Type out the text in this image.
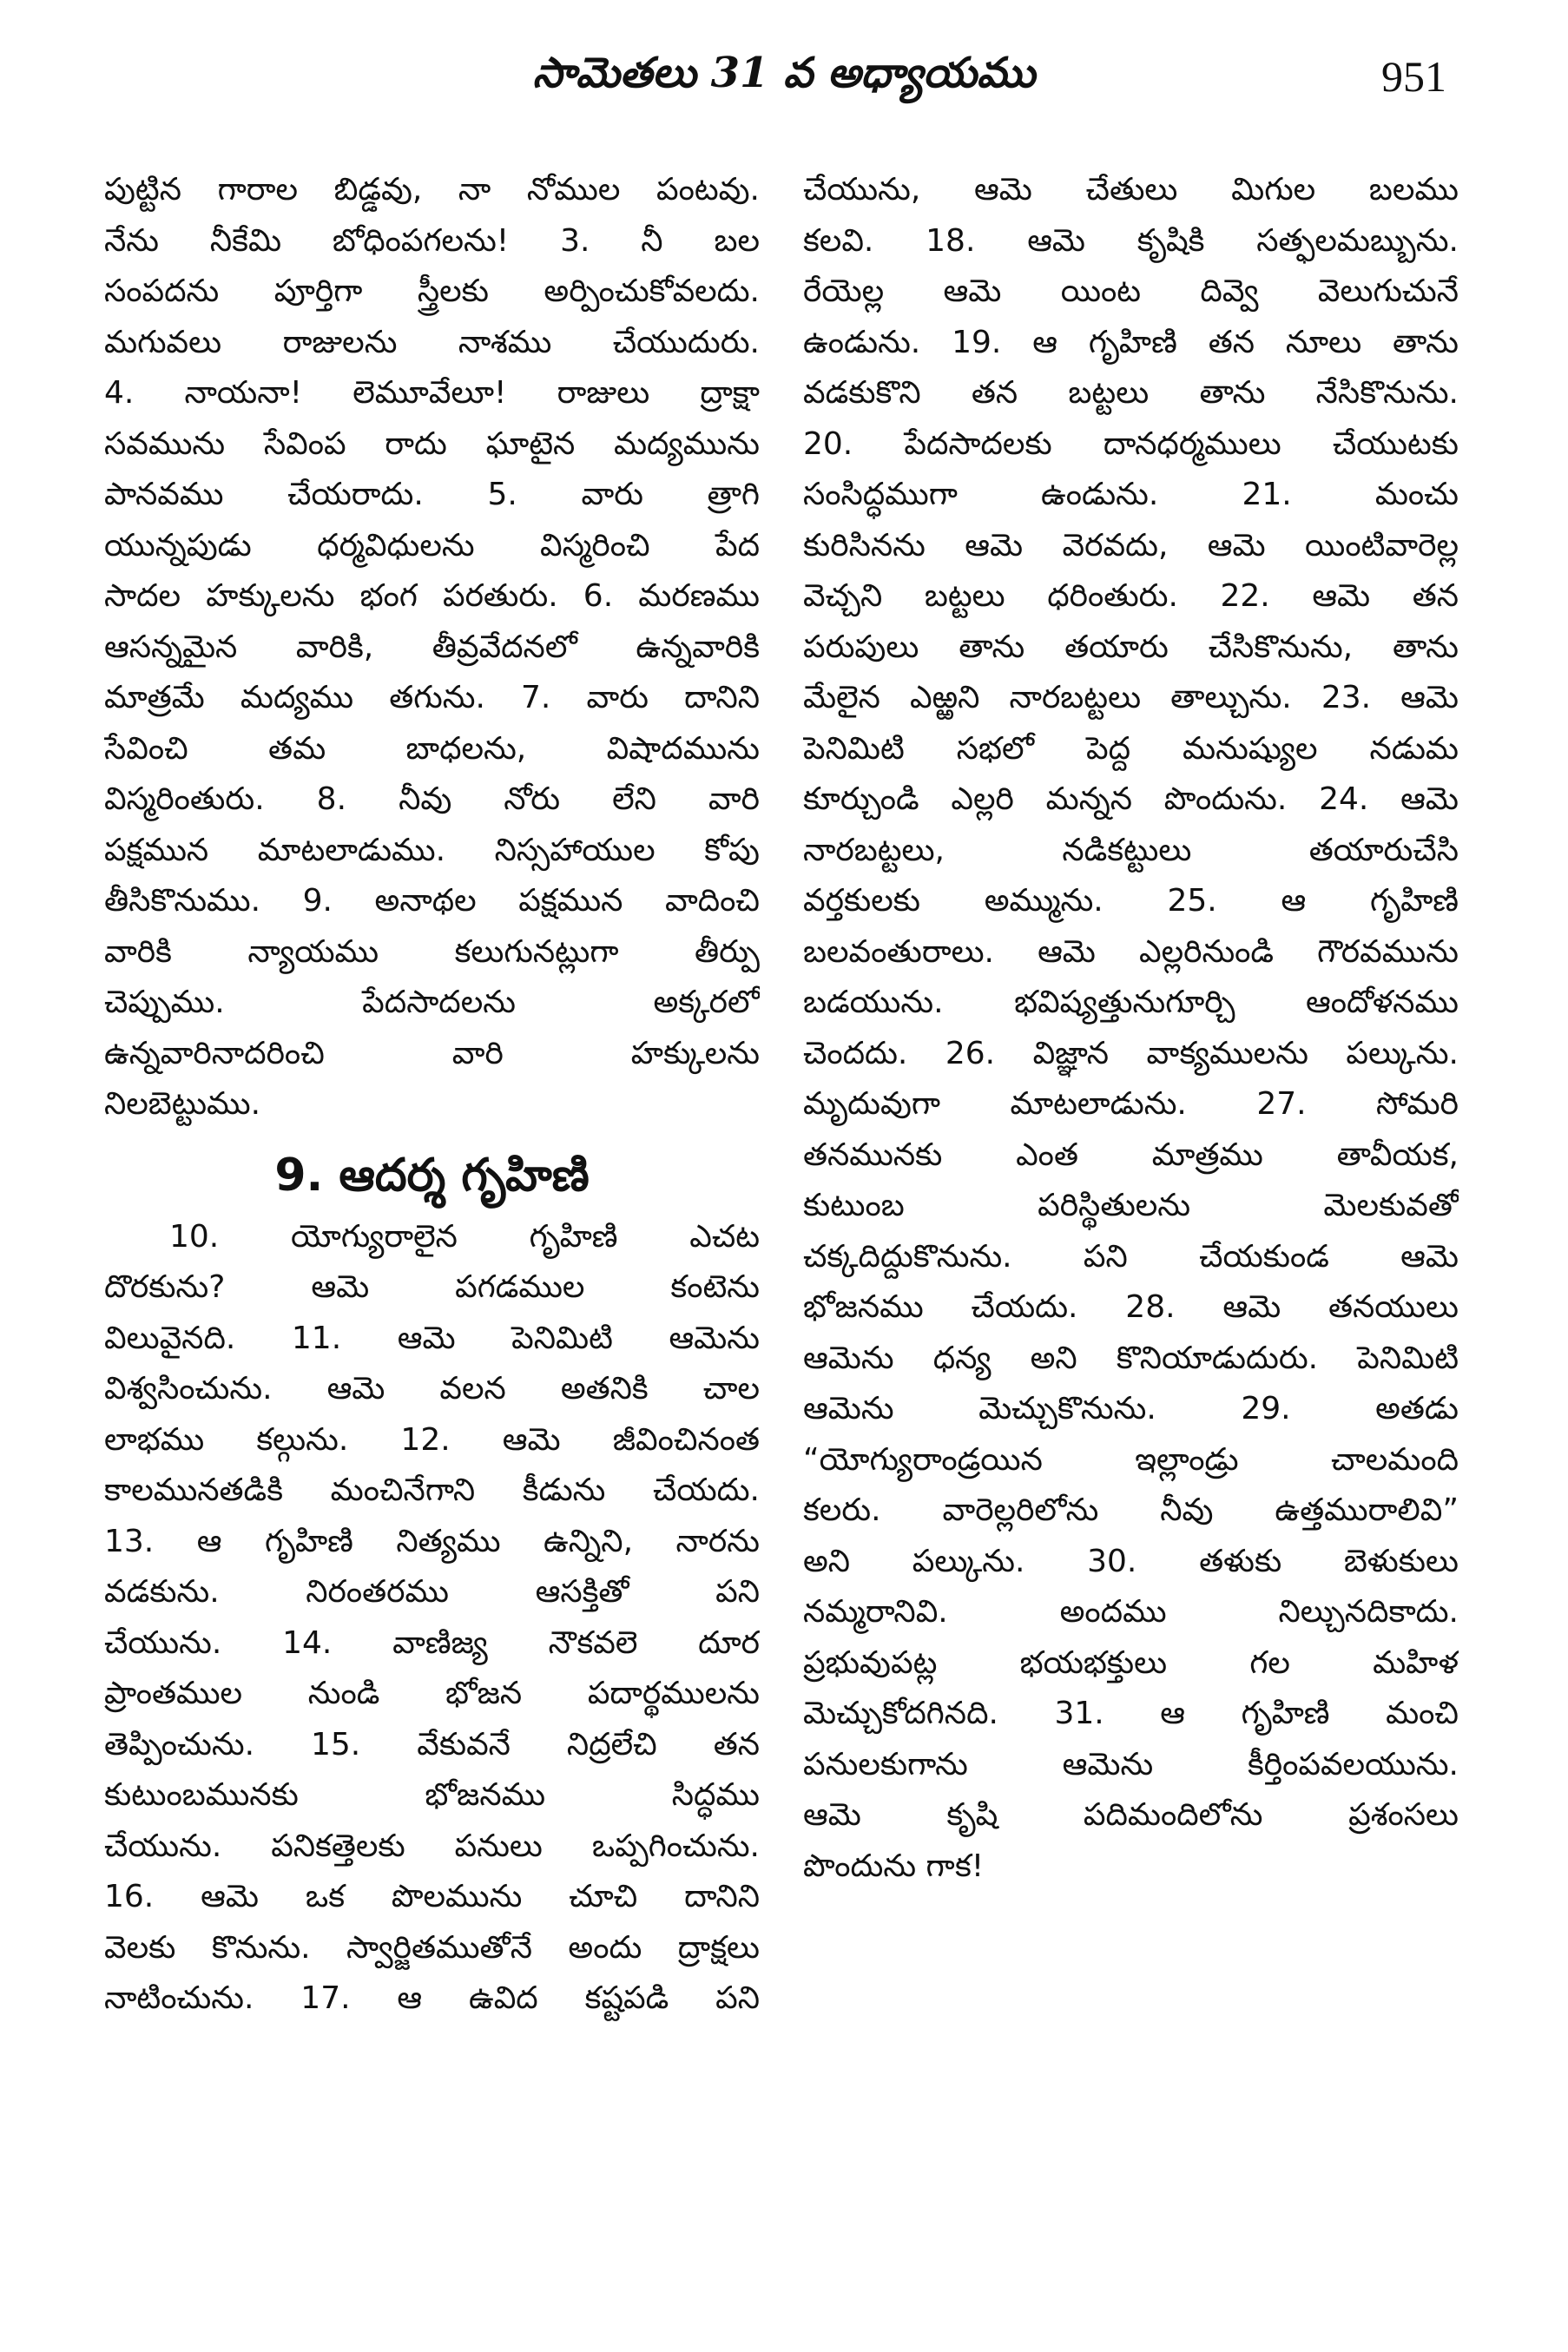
సామెతలు 31 వ అధ్యాయము	951
పుట్టిన గారాల బిడ్డవు, నా నోముల పంటవు.
నేను నీకేమి బోధింపగలను! 3. నీ బల
సంపదను పూర్తిగా స్త్రీలకు అర్పించుకోవలదు.
మగువలు రాజులను నాశము చేయుదురు.
4. నాయనా! లెమూవేలూ! రాజులు ద్రాక్షా
సవమును సేవింప రాదు ఘాటైన మద్యమును
పానవము చేయరాదు. 5. వారు త్రాగి
యున్నపుడు ధర్మవిధులను విస్మరించి పేద
సాదల హక్కులను భంగ పరతురు. 6. మరణము
ఆసన్నమైన వారికి, తీవ్రవేదనలో ఉన్నవారికి
మాత్రమే మద్యము తగును. 7. వారు దానిని
సేవించి తమ బాధలను, విషాదమును
విస్మరింతురు. 8. నీవు నోరు లేని వారి
పక్షమున మాటలాడుము. నిస్సహాయుల కోపు
తీసికొనుము. 9. అనాథల పక్షమున వాదించి
వారికి న్యాయము కలుగునట్లుగా తీర్పు
చెప్పుము. పేదసాదలను అక్కరలో
ఉన్నవారినాదరించి వారి హక్కులను
నిలబెట్టుము.
9. ఆదర్శ గృహిణి
10. యోగ్యురాలైన గృహిణి ఎచట
దొరకును? ఆమె పగడముల కంటెను
విలువైనది. 11. ఆమె పెనిమిటి ఆమెను
విశ్వసించును. ఆమె వలన అతనికి చాల
లాభము కల్గును. 12. ఆమె జీవించినంత
కాలమునతడికి మంచినేగాని కీడును చేయదు.
13. ఆ గృహిణి నిత్యము ఉన్నిని, నారను
వడకును. నిరంతరము ఆసక్తితో పని
చేయును. 14. వాణిజ్య నౌకవలె దూర
ప్రాంతముల నుండి భోజన పదార్థములను
తెప్పించును. 15. వేకువనే నిద్రలేచి తన
కుటుంబమునకు భోజనము సిద్ధము
చేయును. పనికత్తెలకు పనులు ఒప్పగించును.
16. ఆమె ఒక పొలమును చూచి దానిని
వెలకు కొనును. స్వార్జితముతోనే అందు ద్రాక్షలు
నాటించును. 17. ఆ ఉవిద కష్టపడి పని
చేయును, ఆమె చేతులు మిగుల బలము
కలవి. 18. ఆమె కృషికి సత్ఫలమబ్బును.
రేయెల్ల ఆమె యింట దివ్వె వెలుగుచునే
ఉండును. 19. ఆ గృహిణి తన నూలు తాను
వడకుకొని తన బట్టలు తాను నేసికొనును.
20. పేదసాదలకు దానధర్మములు చేయుటకు
సంసిద్ధముగా ఉండును. 21. మంచు
కురిసినను ఆమె వెరవదు, ఆమె యింటివారెల్ల
వెచ్చని బట్టలు ధరింతురు. 22. ఆమె తన
పరుపులు తాను తయారు చేసికొనును, తాను
మేలైన ఎఱ్ఱని నారబట్టలు తాల్చును. 23. ఆమె
పెనిమిటి సభలో పెద్ద మనుష్యుల నడుమ
కూర్చుండి ఎల్లరి మన్నన పొందును. 24. ఆమె
నారబట్టలు, నడికట్టులు తయారుచేసి
వర్తకులకు అమ్మును. 25. ఆ గృహిణి
బలవంతురాలు. ఆమె ఎల్లరినుండి గౌరవమును
బడయును. భవిష్యత్తునుగూర్చి ఆందోళనము
చెందదు. 26. విజ్ఞాన వాక్యములను పల్కును.
మృదువుగా మాటలాడును. 27. సోమరి
తనమునకు ఎంత మాత్రము తావీయక,
కుటుంబ పరిస్థితులను మెలకువతో
చక్కదిద్దుకొనును. పని చేయకుండ ఆమె
భోజనము చేయదు. 28. ఆమె తనయులు
ఆమెను ధన్య అని కొనియాడుదురు. పెనిమిటి
ఆమెను మెచ్చుకొనును. 29. అతడు
“యోగ్యురాండ్రయిన ఇల్లాండ్రు చాలమంది
కలరు. వారెల్లరిలోను నీవు ఉత్తమురాలివి”
అని పల్కును. 30. తళుకు బెళుకులు
నమ్మరానివి. అందము నిల్చునదికాదు.
ప్రభువుపట్ల భయభక్తులు గల మహిళ
మెచ్చుకోదగినది. 31. ఆ గృహిణి మంచి
పనులకుగాను ఆమెను కీర్తింపవలయును.
ఆమె కృషి పదిమందిలోను ప్రశంసలు
పొందును గాక!
